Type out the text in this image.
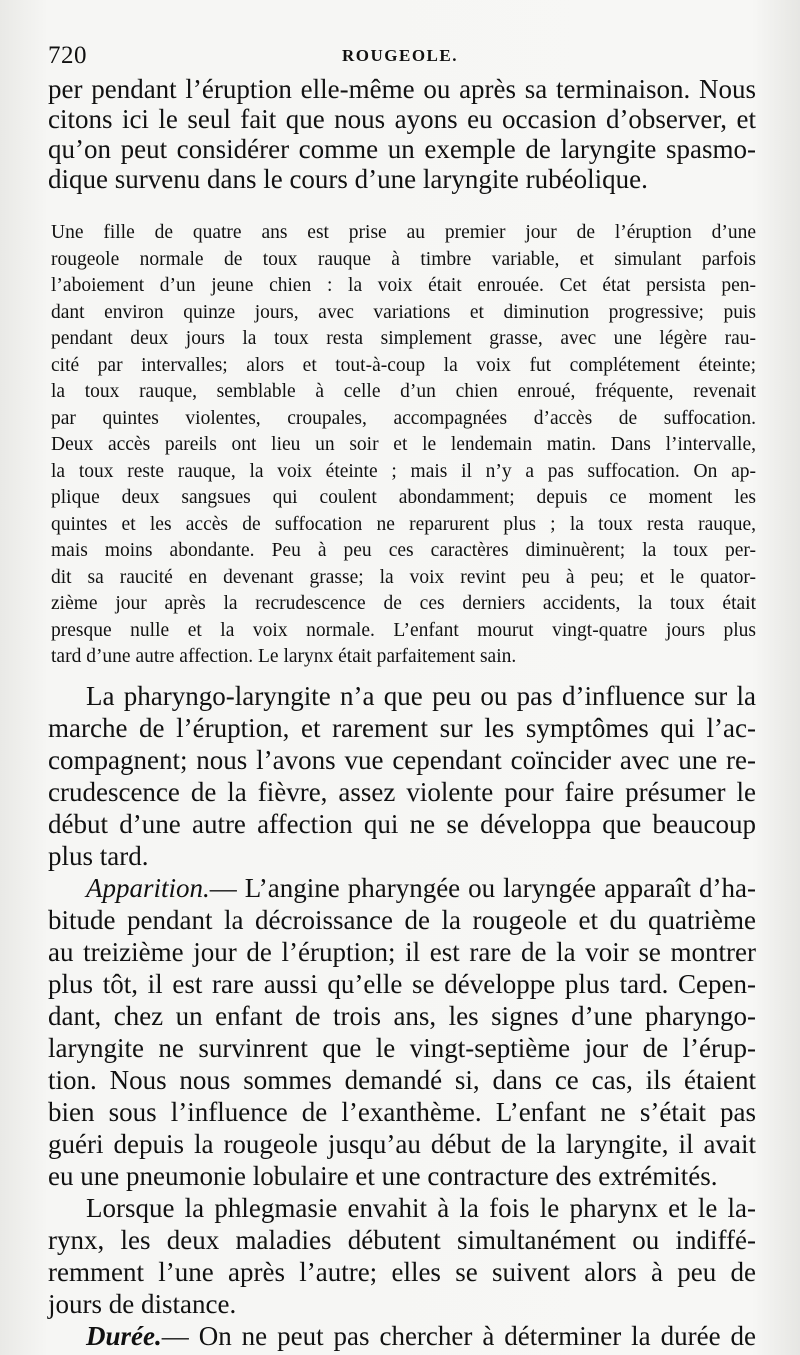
720	ROUGEOLE.
per pendant l’éruption elle-même ou après sa terminaison. Nous
citons ici le seul fait que nous ayons eu occasion d’observer, et
qu’on peut considérer comme un exemple de laryngite spasmo-
dique survenu dans le cours d’une laryngite rubéolique.
Une fille de quatre ans est prise au premier jour de l’éruption d’une
rougeole normale de toux rauque à timbre variable, et simulant parfois
l’aboiement d’un jeune chien : la voix était enrouée. Cet état persista pen-
dant environ quinze jours, avec variations et diminution progressive; puis
pendant deux jours la toux resta simplement grasse, avec une légère rau-
cité par intervalles; alors et tout-à-coup la voix fut complétement éteinte;
la toux rauque, semblable à celle d’un chien enroué, fréquente, revenait
par quintes violentes, croupales, accompagnées d’accès de suffocation.
Deux accès pareils ont lieu un soir et le lendemain matin. Dans l’intervalle,
la toux reste rauque, la voix éteinte ; mais il n’y a pas suffocation. On ap-
plique deux sangsues qui coulent abondamment; depuis ce moment les
quintes et les accès de suffocation ne reparurent plus ; la toux resta rauque,
mais moins abondante. Peu à peu ces caractères diminuèrent; la toux per-
dit sa raucité en devenant grasse; la voix revint peu à peu; et le quator-
zième jour après la recrudescence de ces derniers accidents, la toux était
presque nulle et la voix normale. L’enfant mourut vingt-quatre jours plus
tard d’une autre affection. Le larynx était parfaitement sain.
La pharyngo-laryngite n’a que peu ou pas d’influence sur la
marche de l’éruption, et rarement sur les symptômes qui l’ac-
compagnent; nous l’avons vue cependant coïncider avec une re-
crudescence de la fièvre, assez violente pour faire présumer le
début d’une autre affection qui ne se développa que beaucoup
plus tard.
Apparition.— L’angine pharyngée ou laryngée apparaît d’ha-
bitude pendant la décroissance de la rougeole et du quatrième
au treizième jour de l’éruption; il est rare de la voir se montrer
plus tôt, il est rare aussi qu’elle se développe plus tard. Cepen-
dant, chez un enfant de trois ans, les signes d’une pharyngo-
laryngite ne survinrent que le vingt-septième jour de l’érup-
tion. Nous nous sommes demandé si, dans ce cas, ils étaient
bien sous l’influence de l’exanthème. L’enfant ne s’était pas
guéri depuis la rougeole jusqu’au début de la laryngite, il avait
eu une pneumonie lobulaire et une contracture des extrémités.
Lorsque la phlegmasie envahit à la fois le pharynx et le la-
rynx, les deux maladies débutent simultanément ou indiffé-
remment l’une après l’autre; elles se suivent alors à peu de
jours de distance.
Durée.— On ne peut pas chercher à déterminer la durée de
